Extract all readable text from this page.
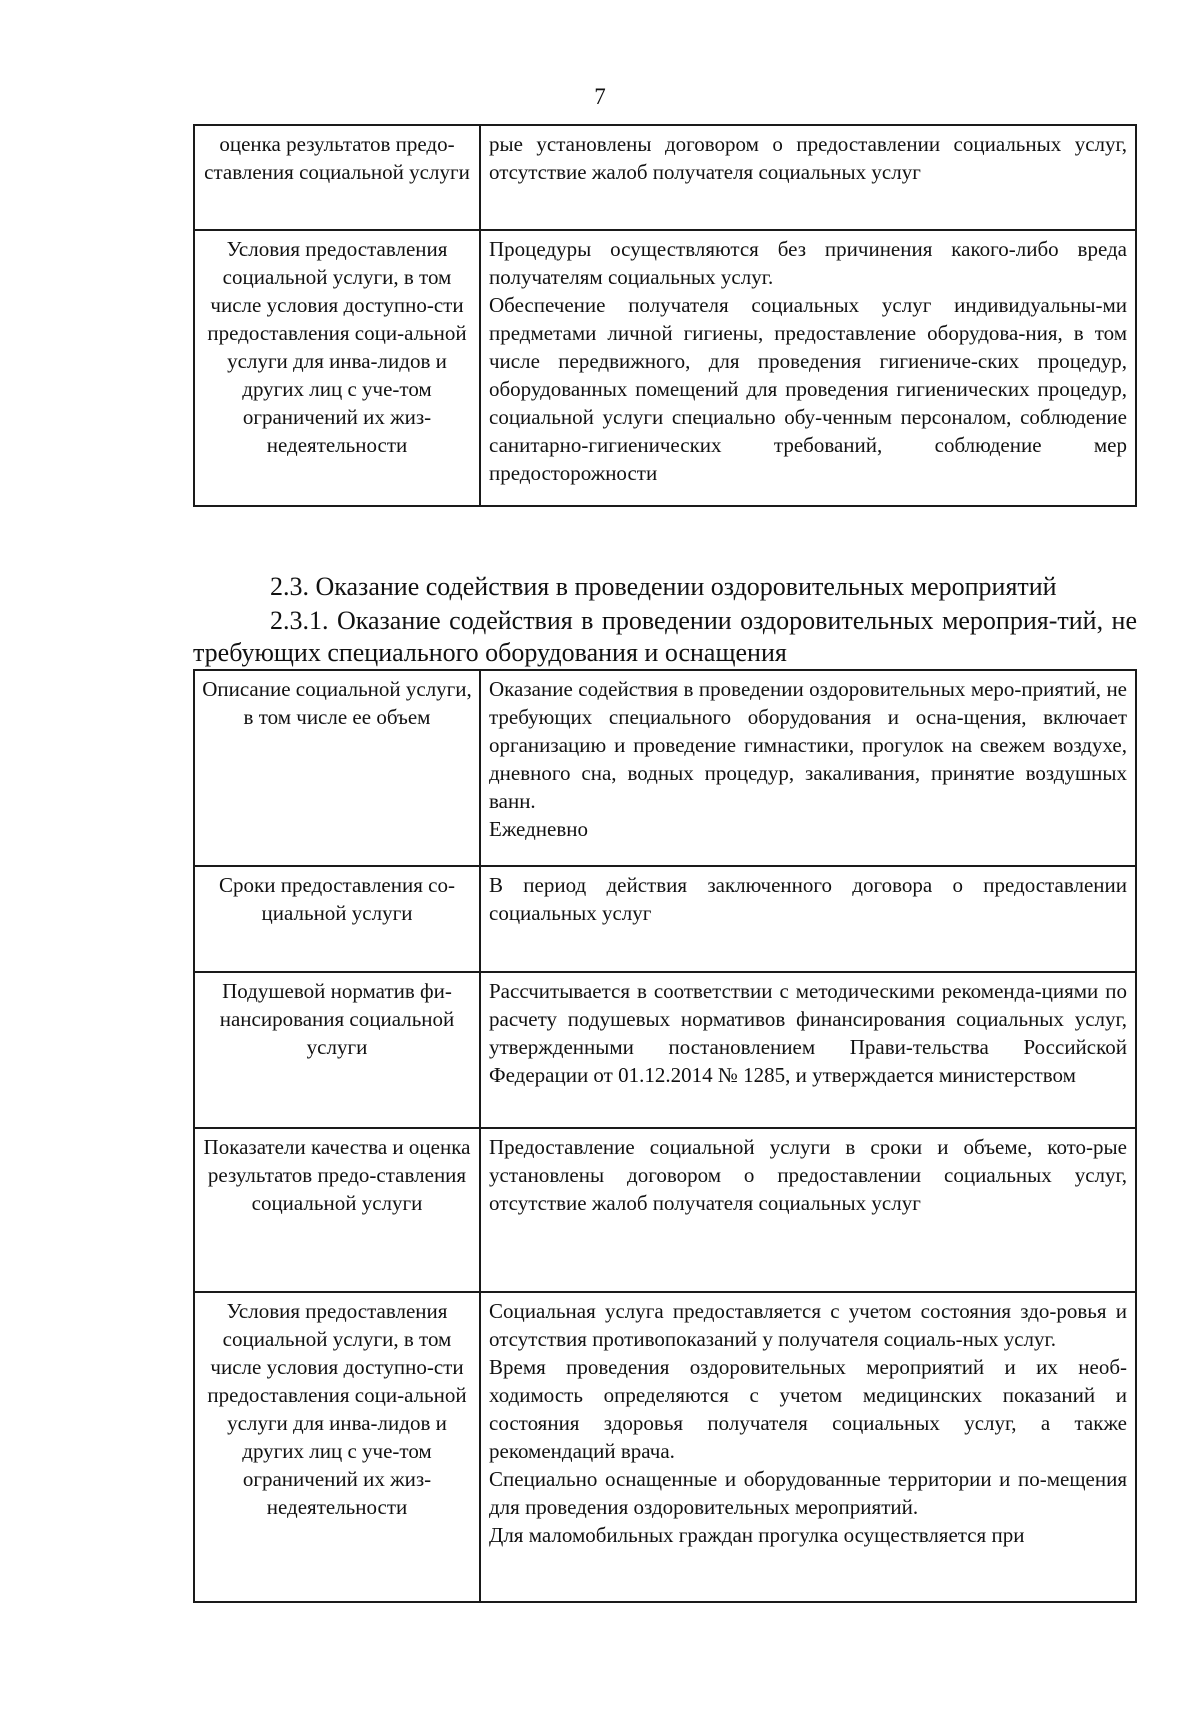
7
оценка результатов предо-ставления социальной услуги	рые установлены договором о предоставлении социальных услуг, отсутствие жалоб получателя социальных услуг

Условия предоставления социальной услуги, в том числе условия доступно-сти предоставления соци-альной услуги для инва-лидов и других лиц с уче-том ограничений их жиз-недеятельности	Процедуры осуществляются без причинения какого-либо вреда получателям социальных услуг.

Обеспечение получателя социальных услуг индивидуальны-ми предметами личной гигиены, предоставление оборудова-ния, в том числе передвижного, для проведения гигиениче-ских процедур, оборудованных помещений для проведения гигиенических процедур, социальной услуги специально обу-ченным персоналом, соблюдение санитарно-гигиенических требований, соблюдение мер предосторожности

2.3. Оказание содействия в проведении оздоровительных мероприятий

2.3.1. Оказание содействия в проведении оздоровительных мероприя-тий, не требующих специального оборудования и оснащения

Описание социальной услуги, в том числе ее объем	Оказание содействия в проведении оздоровительных меро-приятий, не требующих специального оборудования и осна-щения, включает организацию и проведение гимнастики, прогулок на свежем воздухе, дневного сна, водных процедур, закаливания, принятие воздушных ванн.

Ежедневно

Сроки предоставления со-циальной услуги	В период действия заключенного договора о предоставлении социальных услуг

Подушевой норматив фи-нансирования социальной услуги	Рассчитывается в соответствии с методическими рекоменда-циями по расчету подушевых нормативов финансирования социальных услуг, утвержденными постановлением Прави-тельства Российской Федерации от 01.12.2014 № 1285, и утверждается министерством

Показатели качества и оценка результатов предо-ставления социальной услуги	Предоставление социальной услуги в сроки и объеме, кото-рые установлены договором о предоставлении социальных услуг, отсутствие жалоб получателя социальных услуг

Условия предоставления социальной услуги, в том числе условия доступно-сти предоставления соци-альной услуги для инва-лидов и других лиц с уче-том ограничений их жиз-недеятельности	Социальная услуга предоставляется с учетом состояния здо-ровья и отсутствия противопоказаний у получателя социаль-ных услуг.

Время проведения оздоровительных мероприятий и их необ-ходимость определяются с учетом медицинских показаний и состояния здоровья получателя социальных услуг, а также рекомендаций врача.

Специально оснащенные и оборудованные территории и по-мещения для проведения оздоровительных мероприятий.

Для маломобильных граждан прогулка осуществляется при
